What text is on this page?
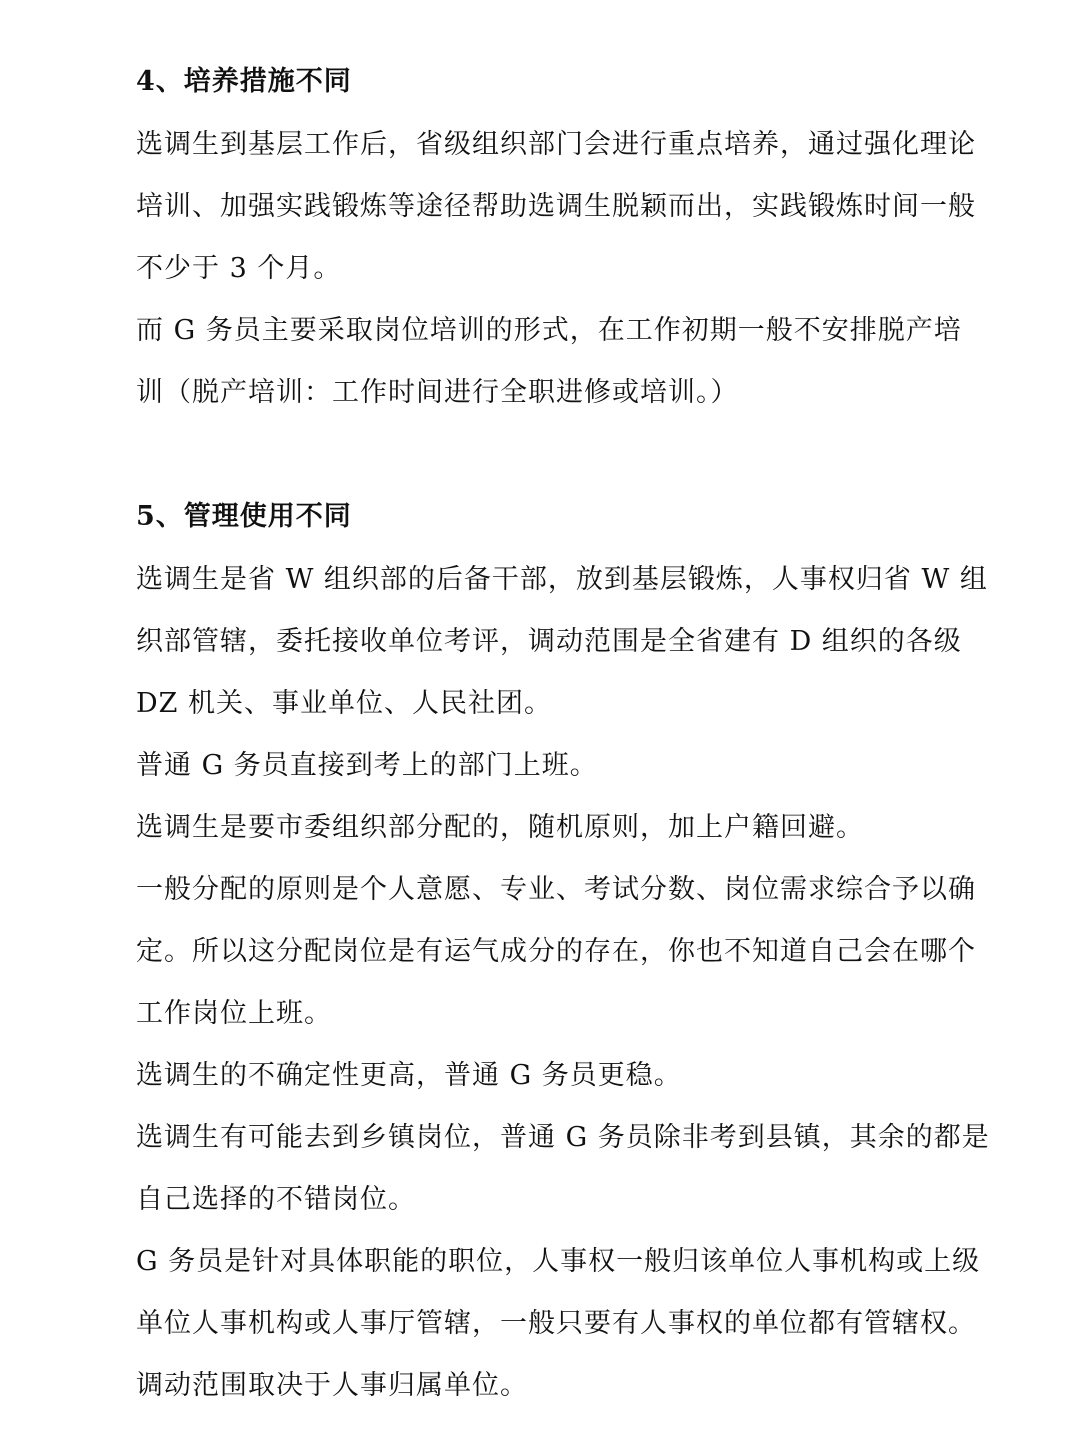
4、培养措施不同

选调生到基层工作后，省级组织部门会进行重点培养，通过强化理论

培训、加强实践锻炼等途径帮助选调生脱颖而出，实践锻炼时间一般

不少于 3 个月。

而 G 务员主要采取岗位培训的形式，在工作初期一般不安排脱产培

训（脱产培训：工作时间进行全职进修或培训。）

5、管理使用不同

选调生是省 W 组织部的后备干部，放到基层锻炼，人事权归省 W 组

织部管辖，委托接收单位考评，调动范围是全省建有 D 组织的各级

DZ 机关、事业单位、人民社团。

普通 G 务员直接到考上的部门上班。

选调生是要市委组织部分配的，随机原则，加上户籍回避。

一般分配的原则是个人意愿、专业、考试分数、岗位需求综合予以确

定。所以这分配岗位是有运气成分的存在，你也不知道自己会在哪个

工作岗位上班。

选调生的不确定性更高，普通 G 务员更稳。

选调生有可能去到乡镇岗位，普通 G 务员除非考到县镇，其余的都是

自己选择的不错岗位。

G 务员是针对具体职能的职位，人事权一般归该单位人事机构或上级

单位人事机构或人事厅管辖，一般只要有人事权的单位都有管辖权。

调动范围取决于人事归属单位。
